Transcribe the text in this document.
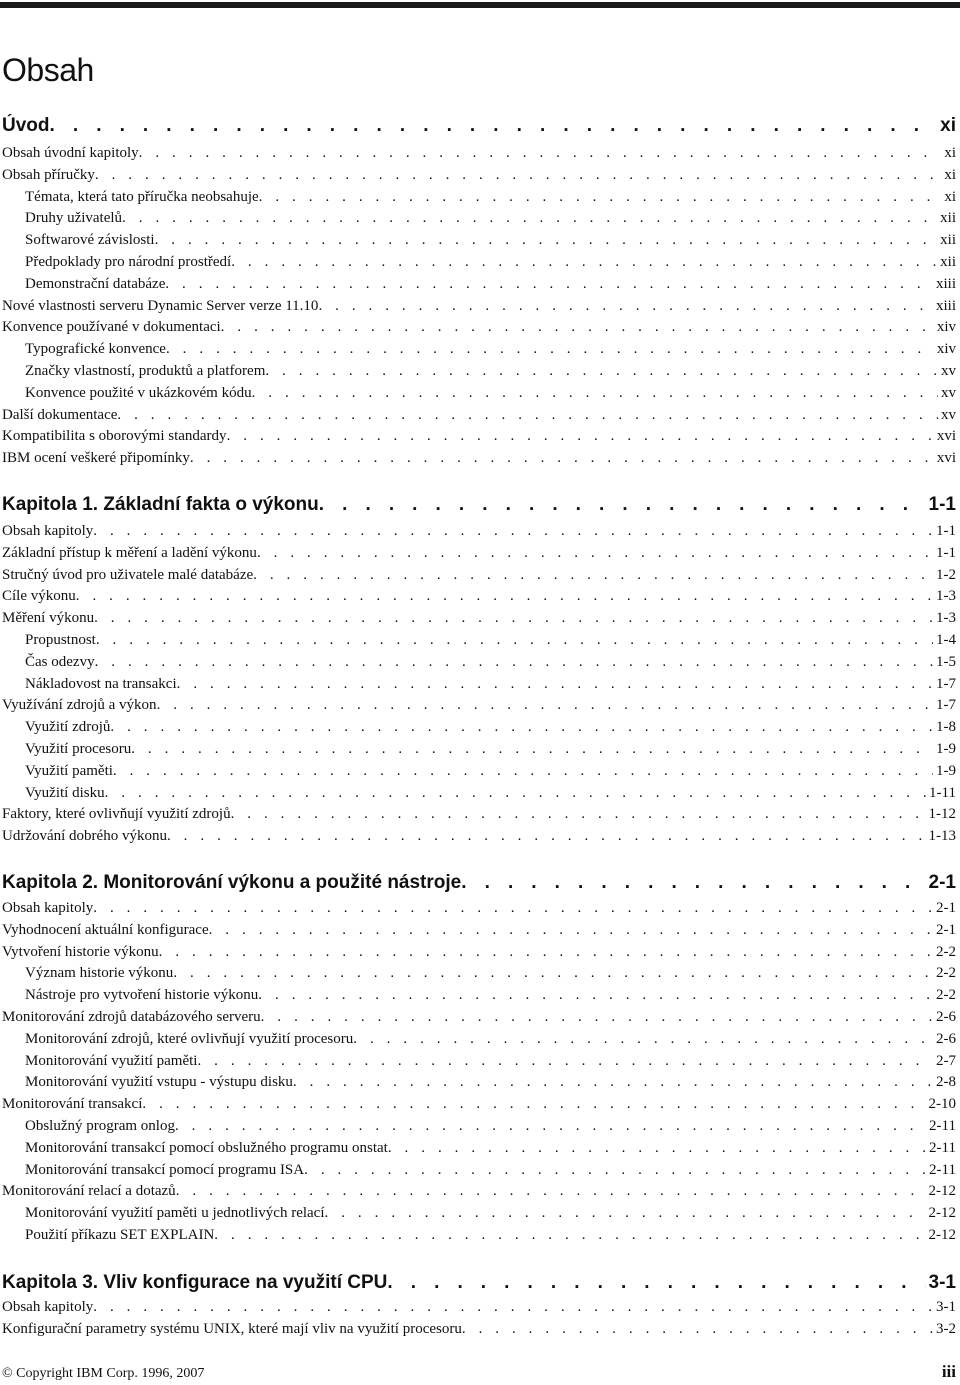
Obsah
Úvod . . .	xi
Obsah úvodní kapitoly . . .	xi
Obsah příručky . . .	xi
Témata, která tato příručka neobsahuje . . .	xi
Druhy uživatelů . . .	xii
Softwarové závislosti . . .	xii
Předpoklady pro národní prostředí . . .	xii
Demonstrační databáze . . .	xiii
Nové vlastnosti serveru Dynamic Server verze 11.10 . . .	xiii
Konvence používané v dokumentaci . . .	xiv
Typografické konvence . . .	xiv
Značky vlastností, produktů a platforem . . .	xv
Konvence použité v ukázkovém kódu . . .	xv
Další dokumentace . . .	xv
Kompatibilita s oborovými standardy . . .	xvi
IBM ocení veškeré připomínky . . .	xvi
Kapitola 1. Základní fakta o výkonu . . .	1-1
Obsah kapitoly . . .	1-1
Základní přístup k měření a ladění výkonu . . .	1-1
Stručný úvod pro uživatele malé databáze . . .	1-2
Cíle výkonu . . .	1-3
Měření výkonu . . .	1-3
Propustnost . . .	1-4
Čas odezvy . . .	1-5
Nákladovost na transakci . . .	1-7
Využívání zdrojů a výkon . . .	1-7
Využití zdrojů . . .	1-8
Využití procesoru . . .	1-9
Využití paměti . . .	1-9
Využití disku . . .	1-11
Faktory, které ovlivňují využití zdrojů . . .	1-12
Udržování dobrého výkonu . . .	1-13
Kapitola 2. Monitorování výkonu a použité nástroje . . .	2-1
Obsah kapitoly . . .	2-1
Vyhodnocení aktuální konfigurace . . .	2-1
Vytvoření historie výkonu . . .	2-2
Význam historie výkonu . . .	2-2
Nástroje pro vytvoření historie výkonu . . .	2-2
Monitorování zdrojů databázového serveru . . .	2-6
Monitorování zdrojů, které ovlivňují využití procesoru . . .	2-6
Monitorování využití paměti . . .	2-7
Monitorování využití vstupu - výstupu disku . . .	2-8
Monitorování transakcí . . .	2-10
Obslužný program onlog . . .	2-11
Monitorování transakcí pomocí obslužného programu onstat . . .	2-11
Monitorování transakcí pomocí programu ISA . . .	2-11
Monitorování relací a dotazů . . .	2-12
Monitorování využití paměti u jednotlivých relací . . .	2-12
Použití příkazu SET EXPLAIN . . .	2-12
Kapitola 3. Vliv konfigurace na využití CPU . . .	3-1
Obsah kapitoly . . .	3-1
Konfigurační parametry systému UNIX, které mají vliv na využití procesoru . . .	3-2
© Copyright IBM Corp. 1996, 2007	iii
